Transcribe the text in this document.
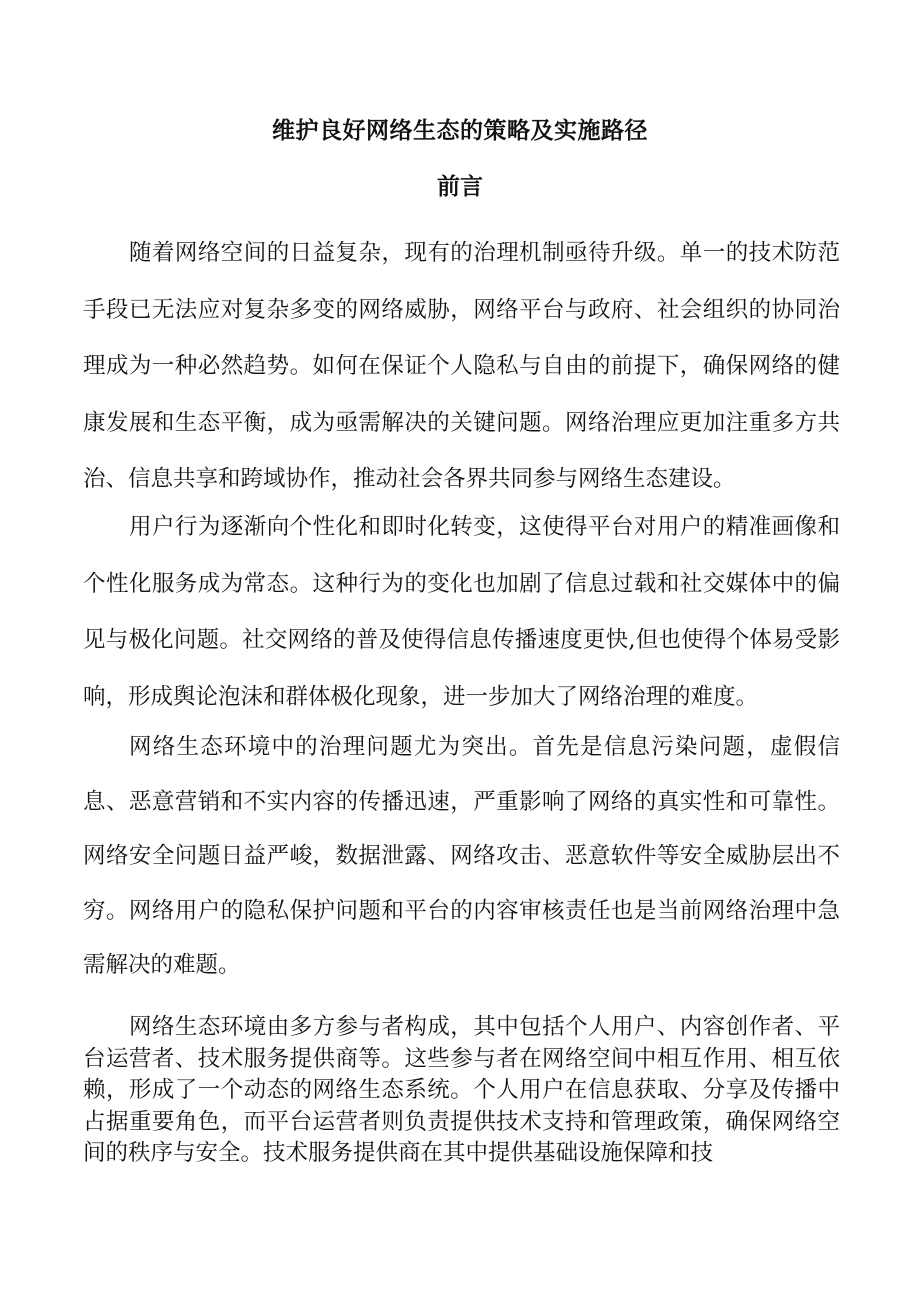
维护良好网络生态的策略及实施路径
前言

随着网络空间的日益复杂，现有的治理机制亟待升级。单一的技术防范手段已无法应对复杂多变的网络威胁，网络平台与政府、社会组织的协同治理成为一种必然趋势。如何在保证个人隐私与自由的前提下，确保网络的健康发展和生态平衡，成为亟需解决的关键问题。网络治理应更加注重多方共治、信息共享和跨域协作，推动社会各界共同参与网络生态建设。

用户行为逐渐向个性化和即时化转变，这使得平台对用户的精准画像和个性化服务成为常态。这种行为的变化也加剧了信息过载和社交媒体中的偏见与极化问题。社交网络的普及使得信息传播速度更快,但也使得个体易受影响，形成舆论泡沫和群体极化现象，进一步加大了网络治理的难度。

网络生态环境中的治理问题尤为突出。首先是信息污染问题，虚假信息、恶意营销和不实内容的传播迅速，严重影响了网络的真实性和可靠性。网络安全问题日益严峻，数据泄露、网络攻击、恶意软件等安全威胁层出不穷。网络用户的隐私保护问题和平台的内容审核责任也是当前网络治理中急需解决的难题。

网络生态环境由多方参与者构成，其中包括个人用户、内容创作者、平台运营者、技术服务提供商等。这些参与者在网络空间中相互作用、相互依赖，形成了一个动态的网络生态系统。个人用户在信息获取、分享及传播中占据重要角色，而平台运营者则负责提供技术支持和管理政策，确保网络空间的秩序与安全。技术服务提供商在其中提供基础设施保障和技
